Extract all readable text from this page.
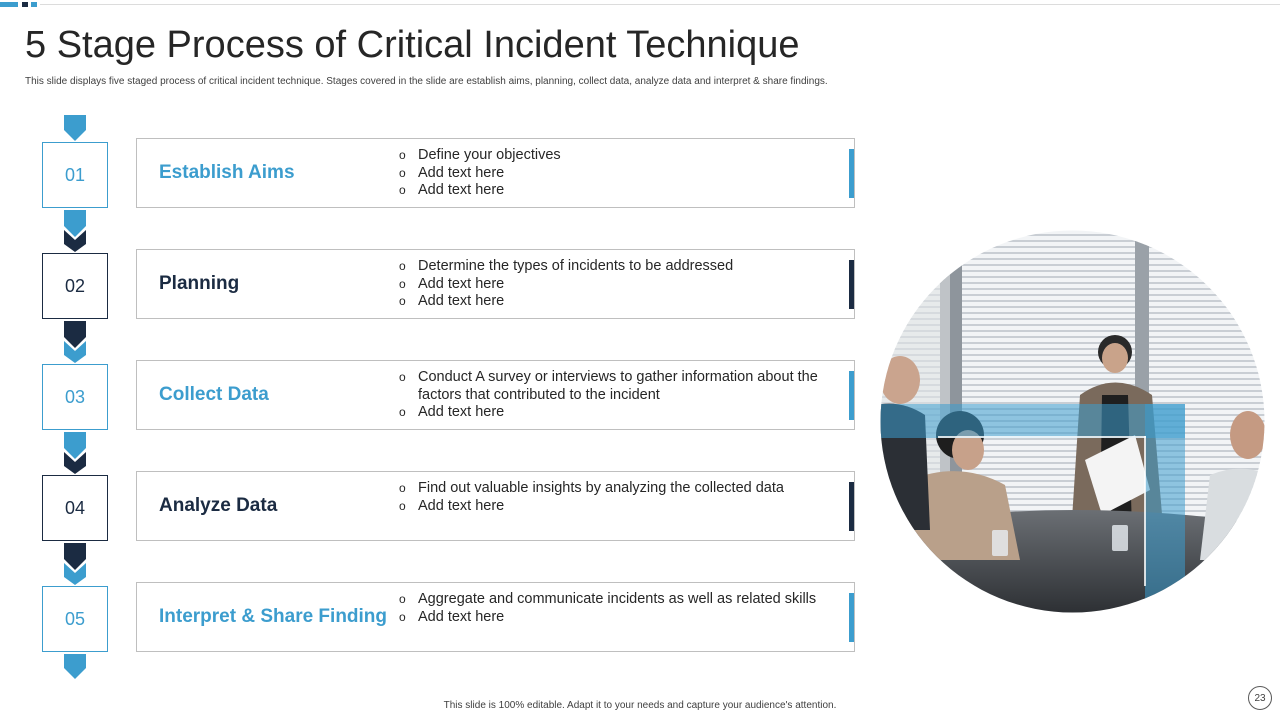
5 Stage Process of Critical Incident Technique
This slide displays five staged process of critical incident technique. Stages covered in the slide are establish aims, planning, collect data, analyze data and interpret & share findings.
01	Establish Aims
o Define your objectives
o Add text here
o Add text here
02	Planning
o Determine the types of incidents to be addressed
o Add text here
o Add text here
03	Collect Data
o Conduct A survey or interviews to gather information about the factors that contributed to the incident
o Add text here
04	Analyze Data
o Find out valuable insights by analyzing the collected data
o Add text here
05	Interpret & Share Finding
o Aggregate and communicate incidents as well as related skills
o Add text here
This slide is 100% editable. Adapt it to your needs and capture your audience's attention.
23
